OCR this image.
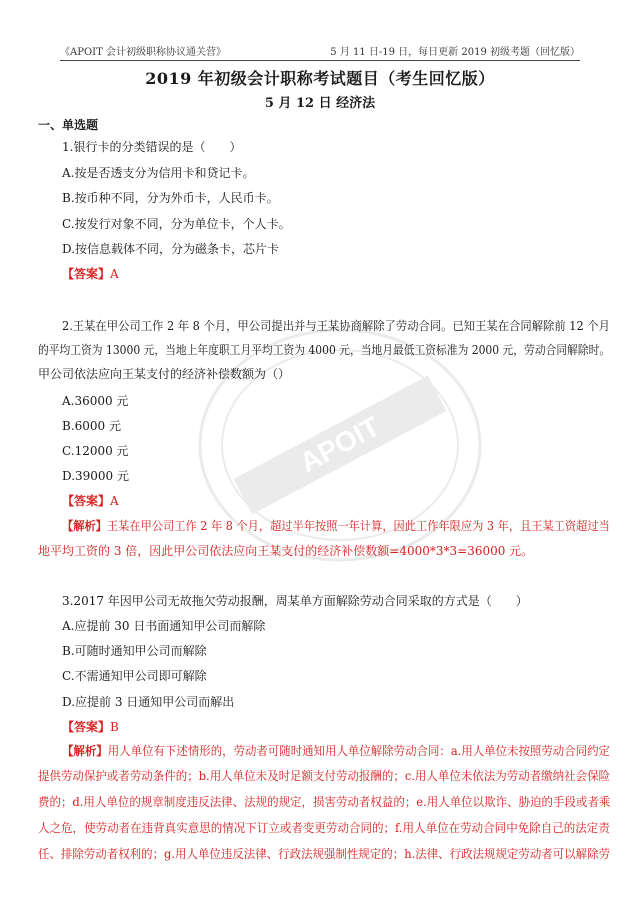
《APOIT 会计初级职称协议通关营》	5 月 11 日-19 日，每日更新 2019 初级考题（回忆版）
APOIT
2019 年初级会计职称考试题目（考生回忆版）
5 月 12 日 经济法
一、单选题
1.银行卡的分类错误的是（　　）
A.按是否透支分为信用卡和贷记卡。
B.按币种不同，分为外币卡，人民币卡。
C.按发行对象不同，分为单位卡，个人卡。
D.按信息载体不同，分为磁条卡，芯片卡
【答案】A
2.王某在甲公司工作 2 年 8 个月，甲公司提出并与王某协商解除了劳动合同。已知王某在合同解除前 12 个月
的平均工资为 13000 元，当地上年度职工月平均工资为 4000 元，当地月最低工资标准为 2000 元，劳动合同解除时。
甲公司依法应向王某支付的经济补偿数额为（）
A.36000 元
B.6000 元
C.12000 元
D.39000 元
【答案】A
【解析】王某在甲公司工作 2 年 8 个月，超过半年按照一年计算，因此工作年限应为 3 年，且王某工资超过当
地平均工资的 3 倍，因此甲公司依法应向王某支付的经济补偿数额=4000*3*3=36000 元。
3.2017 年因甲公司无故拖欠劳动报酬，周某单方面解除劳动合同采取的方式是（　　）
A.应提前 30 日书面通知甲公司而解除
B.可随时通知甲公司而解除
C.不需通知甲公司即可解除
D.应提前 3 日通知甲公司而解出
【答案】B
【解析】用人单位有下述情形的，劳动者可随时通知用人单位解除劳动合同：a.用人单位未按照劳动合同约定
提供劳动保护或者劳动条件的；b.用人单位未及时足额支付劳动报酬的；c.用人单位未依法为劳动者缴纳社会保险
费的；d.用人单位的规章制度违反法律、法规的规定，损害劳动者权益的；e.用人单位以欺诈、胁迫的手段或者乘
人之危，使劳动者在违背真实意思的情况下订立或者变更劳动合同的；f.用人单位在劳动合同中免除自己的法定责
任、排除劳动者权利的；g.用人单位违反法律、行政法规强制性规定的；h.法律、行政法规规定劳动者可以解除劳
